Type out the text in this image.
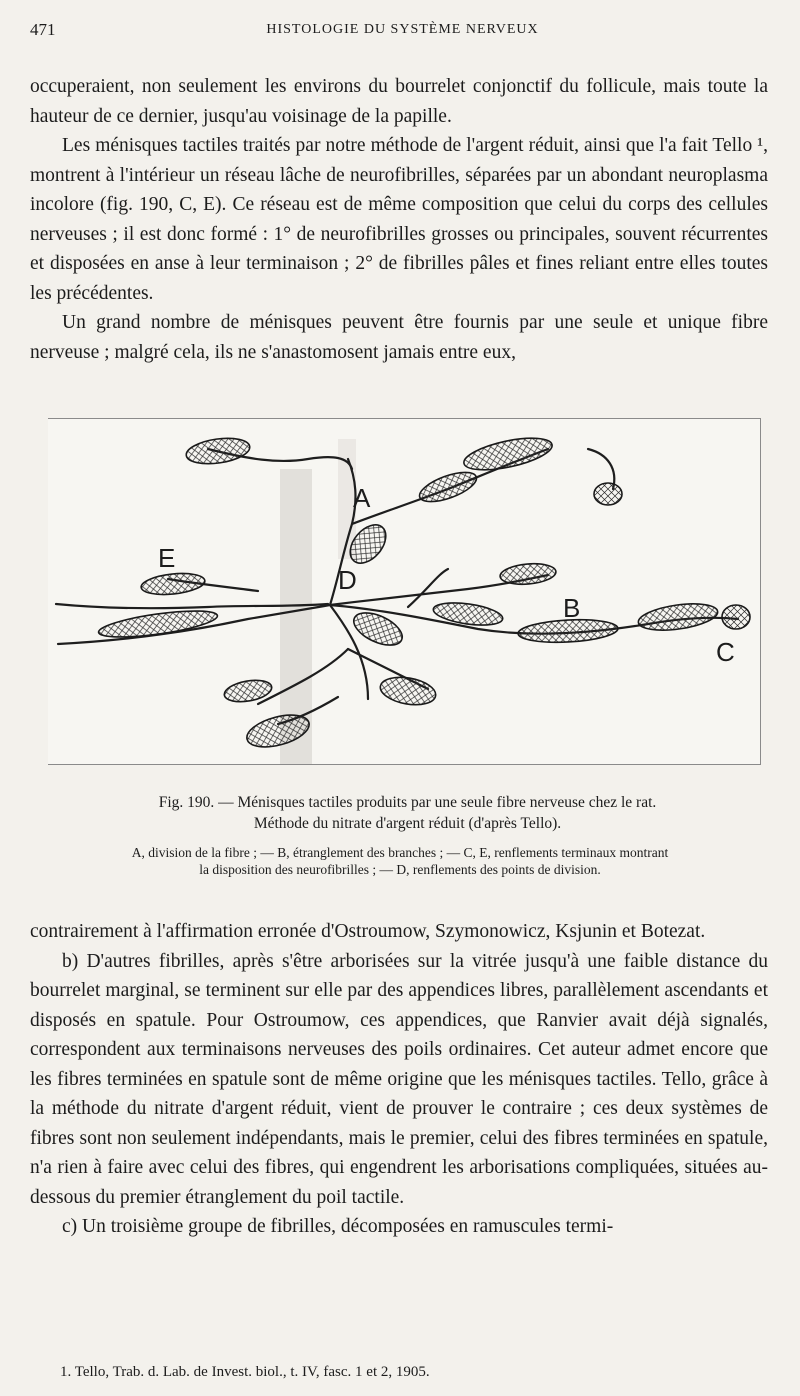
471	HISTOLOGIE DU SYSTÈME NERVEUX

occuperaient, non seulement les environs du bourrelet conjonctif du follicule, mais toute la hauteur de ce dernier, jusqu'au voisinage de la papille.

Les ménisques tactiles traités par notre méthode de l'argent réduit, ainsi que l'a fait Tello ¹, montrent à l'intérieur un réseau lâche de neurofibrilles, séparées par un abondant neuroplasma incolore (fig. 190, C, E). Ce réseau est de même composition que celui du corps des cellules nerveuses ; il est donc formé : 1° de neurofibrilles grosses ou principales, souvent récurrentes et disposées en anse à leur terminaison ; 2° de fibrilles pâles et fines reliant entre elles toutes les précédentes.

Un grand nombre de ménisques peuvent être fournis par une seule et unique fibre nerveuse ; malgré cela, ils ne s'anastomosent jamais entre eux,

A
B
C
D
E
Fig. 190. — Ménisques tactiles produits par une seule fibre nerveuse chez le rat.
Méthode du nitrate d'argent réduit (d'après Tello).
A, division de la fibre ; — B, étranglement des branches ; — C, E, renflements terminaux montrant
la disposition des neurofibrilles ; — D, renflements des points de division.

contrairement à l'affirmation erronée d'Ostroumow, Szymonowicz, Ksjunin et Botezat.

b) D'autres fibrilles, après s'être arborisées sur la vitrée jusqu'à une faible distance du bourrelet marginal, se terminent sur elle par des appendices libres, parallèlement ascendants et disposés en spatule. Pour Ostroumow, ces appendices, que Ranvier avait déjà signalés, correspondent aux terminaisons nerveuses des poils ordinaires. Cet auteur admet encore que les fibres terminées en spatule sont de même origine que les ménisques tactiles. Tello, grâce à la méthode du nitrate d'argent réduit, vient de prouver le contraire ; ces deux systèmes de fibres sont non seulement indépendants, mais le premier, celui des fibres terminées en spatule, n'a rien à faire avec celui des fibres, qui engendrent les arborisations compliquées, situées au-dessous du premier étranglement du poil tactile.

c) Un troisième groupe de fibrilles, décomposées en ramuscules termi-

1. Tello, Trab. d. Lab. de Invest. biol., t. IV, fasc. 1 et 2, 1905.
